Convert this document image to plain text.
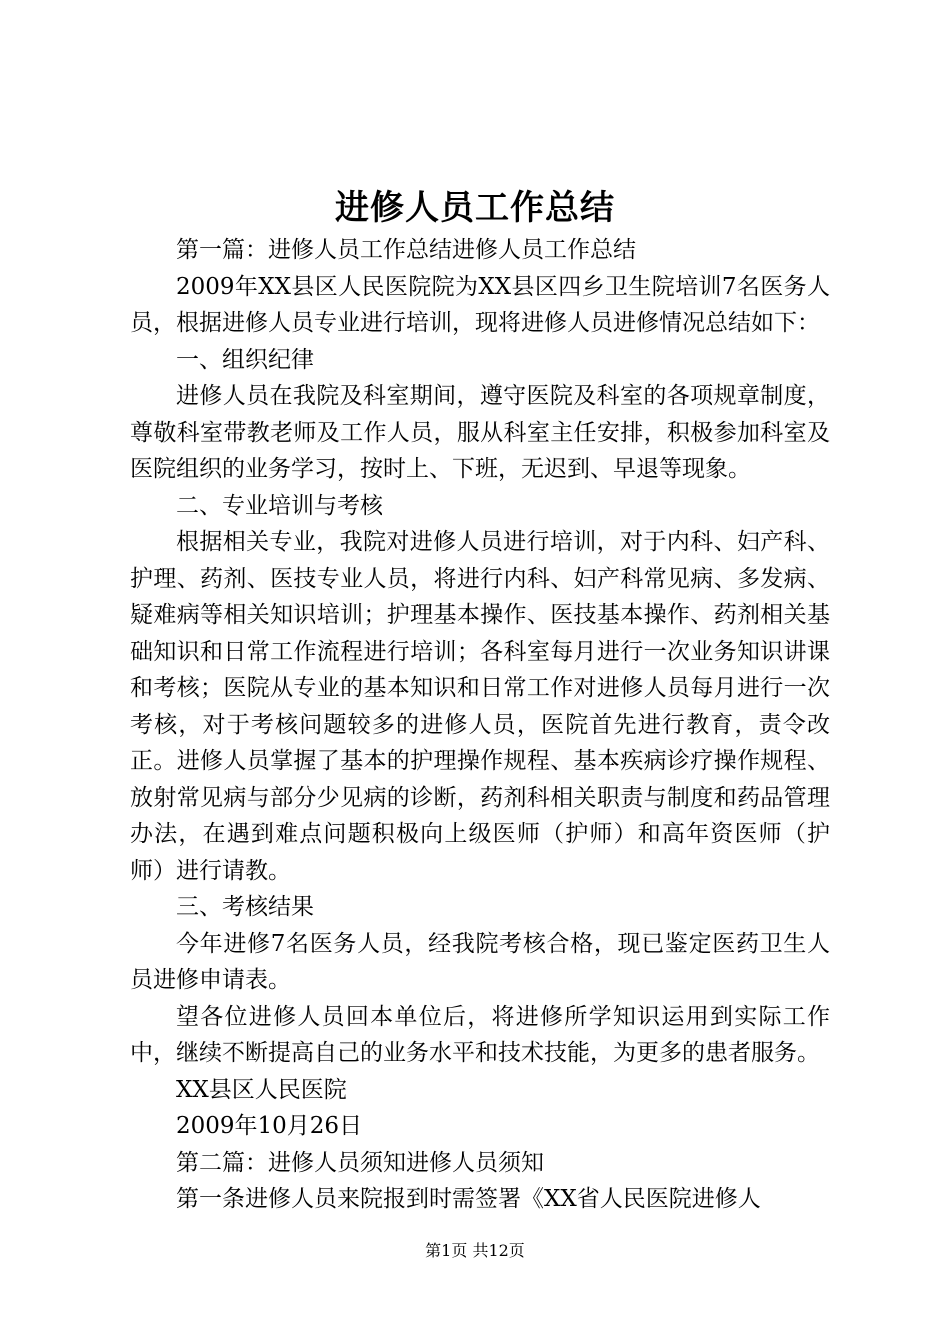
进修人员工作总结

第一篇：进修人员工作总结进修人员工作总结

2009年XX县区人民医院院为XX县区四乡卫生院培训7名医务人员，根据进修人员专业进行培训，现将进修人员进修情况总结如下：

一、组织纪律

进修人员在我院及科室期间，遵守医院及科室的各项规章制度，尊敬科室带教老师及工作人员，服从科室主任安排，积极参加科室及医院组织的业务学习，按时上、下班，无迟到、早退等现象。

二、专业培训与考核

根据相关专业，我院对进修人员进行培训，对于内科、妇产科、护理、药剂、医技专业人员，将进行内科、妇产科常见病、多发病、疑难病等相关知识培训；护理基本操作、医技基本操作、药剂相关基础知识和日常工作流程进行培训；各科室每月进行一次业务知识讲课和考核；医院从专业的基本知识和日常工作对进修人员每月进行一次考核，对于考核问题较多的进修人员，医院首先进行教育，责令改正。进修人员掌握了基本的护理操作规程、基本疾病诊疗操作规程、放射常见病与部分少见病的诊断，药剂科相关职责与制度和药品管理办法，在遇到难点问题积极向上级医师（护师）和高年资医师（护师）进行请教。

三、考核结果

今年进修7名医务人员，经我院考核合格，现已鉴定医药卫生人员进修申请表。

望各位进修人员回本单位后，将进修所学知识运用到实际工作中，继续不断提高自己的业务水平和技术技能，为更多的患者服务。

XX县区人民医院

2009年10月26日

第二篇：进修人员须知进修人员须知

第一条进修人员来院报到时需签署《XX省人民医院进修人

第1页 共12页
